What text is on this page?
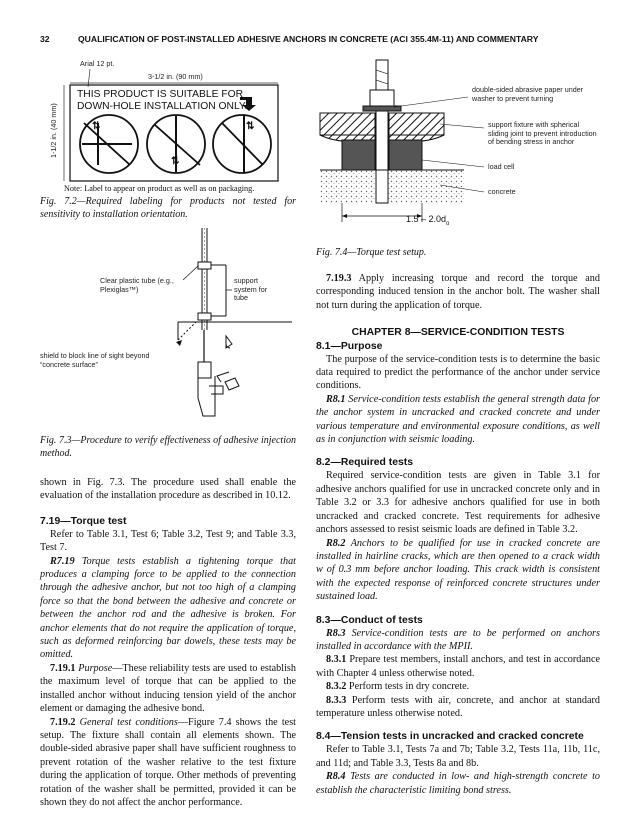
32	QUALIFICATION OF POST-INSTALLED ADHESIVE ANCHORS IN CONCRETE (ACI 355.4M-11) AND COMMENTARY
Arial 12 pt.
3-1/2 in. (90 mm)
1-1/2 in. (40 mm)	⇅
⇅
⇅
THIS PRODUCT IS SUITABLE FOR
DOWN-HOLE INSTALLATION ONLY.
Note: Label to appear on product as well as on packaging.
Fig. 7.2—Required labeling for products not tested for sensitivity to installation orientation.
Clear plastic tube (e.g., Plexiglas™)
support system for tube
shield to block line of sight beyond “concrete surface”
Fig. 7.3—Procedure to verify effectiveness of adhesive injection method.

shown in Fig. 7.3. The procedure used shall enable the evaluation of the installation procedure as described in 10.12.

7.19—Torque test

Refer to Table 3.1, Test 6; Table 3.2, Test 9; and Table 3.3, Test 7.

R7.19 Torque tests establish a tightening torque that produces a clamping force to be applied to the connection through the adhesive anchor, but not too high of a clamping force so that the bond between the adhesive and concrete or between the anchor rod and the adhesive is broken. For anchor elements that do not require the application of torque, such as deformed reinforcing bar dowels, these tests may be omitted.

7.19.1 Purpose—These reliability tests are used to establish the maximum level of torque that can be applied to the installed anchor without inducing tension yield of the anchor element or damaging the adhesive bond.

7.19.2 General test conditions—Figure 7.4 shows the test setup. The fixture shall contain all elements shown. The double-sided abrasive paper shall have sufficient roughness to prevent rotation of the washer relative to the test fixture during the application of torque. Other methods of preventing rotation of the washer shall be permitted, provided it can be shown they do not affect the anchor performance.

double-sided abrasive paper under washer to prevent turning
support fixture with spherical sliding joint to prevent introduction of bending stress in anchor
load cell
concrete
$1.5 - 2.0d_o$
Fig. 7.4—Torque test setup.

7.19.3 Apply increasing torque and record the torque and corresponding induced tension in the anchor bolt. The washer shall not turn during the application of torque.

CHAPTER 8—SERVICE-CONDITION TESTS

8.1—Purpose

The purpose of the service-condition tests is to determine the basic data required to predict the performance of the anchor under service conditions.

R8.1 Service-condition tests establish the general strength data for the anchor system in uncracked and cracked concrete and under various temperature and environmental exposure conditions, as well as in conjunction with seismic loading.

8.2—Required tests

Required service-condition tests are given in Table 3.1 for adhesive anchors qualified for use in uncracked concrete only and in Table 3.2 or 3.3 for adhesive anchors qualified for use in both uncracked and cracked concrete. Test requirements for adhesive anchors assessed to resist seismic loads are defined in Table 3.2.

R8.2 Anchors to be qualified for use in cracked concrete are installed in hairline cracks, which are then opened to a crack width w of 0.3 mm before anchor loading. This crack width is consistent with the expected response of reinforced concrete structures under sustained load.

8.3—Conduct of tests

R8.3 Service-condition tests are to be performed on anchors installed in accordance with the MPII.

8.3.1 Prepare test members, install anchors, and test in accordance with Chapter 4 unless otherwise noted.

8.3.2 Perform tests in dry concrete.

8.3.3 Perform tests with air, concrete, and anchor at standard temperature unless otherwise noted.

8.4—Tension tests in uncracked and cracked concrete

Refer to Table 3.1, Tests 7a and 7b; Table 3.2, Tests 11a, 11b, 11c, and 11d; and Table 3.3, Tests 8a and 8b.

R8.4 Tests are conducted in low- and high-strength concrete to establish the characteristic limiting bond stress.
